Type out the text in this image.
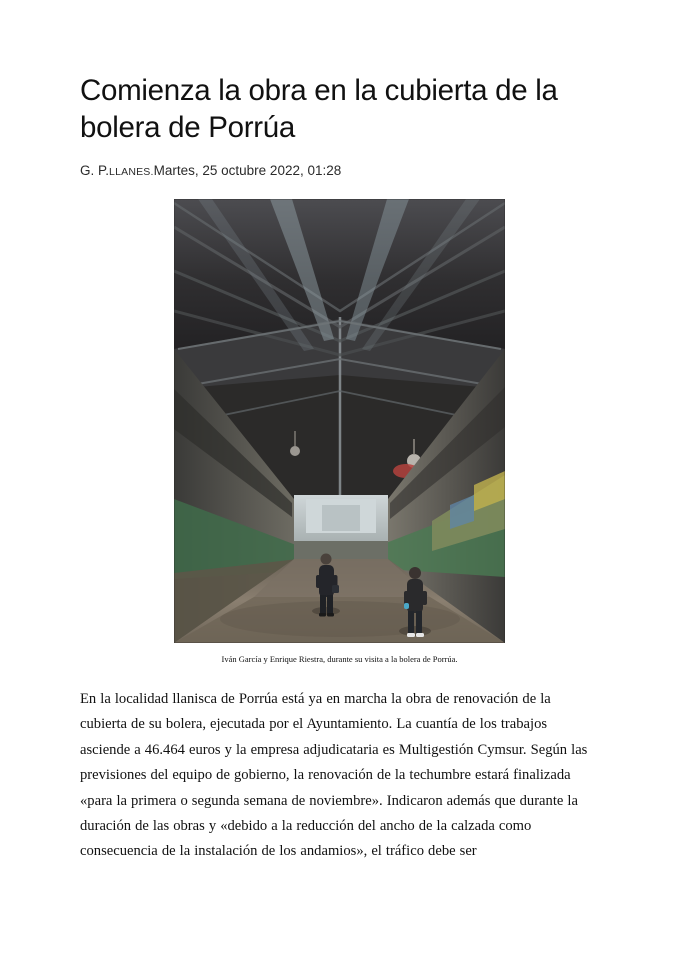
Comienza la obra en la cubierta de la bolera de Porrúa
G. P.LLANES.Martes, 25 octubre 2022, 01:28
Iván García y Enrique Riestra, durante su visita a la bolera de Porrúa.

En la localidad llanisca de Porrúa está ya en marcha la obra de renovación de la cubierta de su bolera, ejecutada por el Ayuntamiento. La cuantía de los trabajos asciende a 46.464 euros y la empresa adjudicataria es Multigestión Cymsur. Según las previsiones del equipo de gobierno, la renovación de la techumbre estará finalizada «para la primera o segunda semana de noviembre». Indicaron además que durante la duración de las obras y «debido a la reducción del ancho de la calzada como consecuencia de la instalación de los andamios», el tráfico debe ser
